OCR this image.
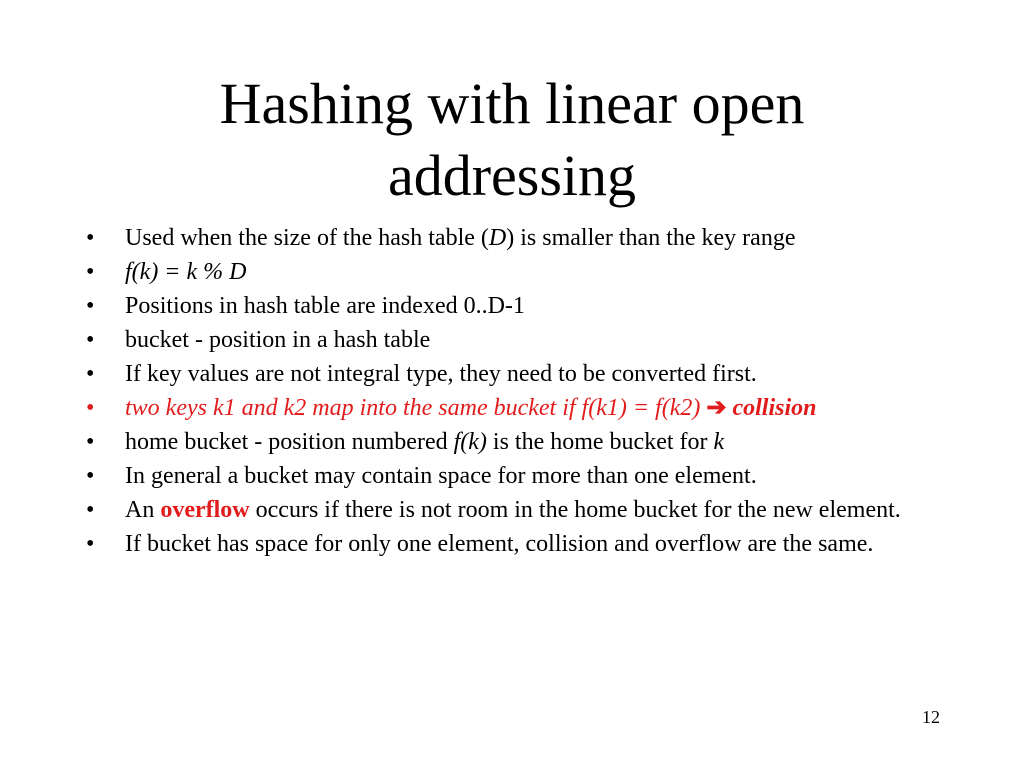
Hashing with linear open
addressing
•	Used when the size of the hash table (D) is smaller than the key range
•	f(k) = k % D
•	Positions in hash table are indexed 0..D-1
•	bucket - position in a hash table
•	If key values are not integral type, they need to be converted first.
•	two keys k1 and k2 map into the same bucket if f(k1) = f(k2) ➔ collision
•	home bucket - position numbered f(k) is the home bucket for k
•	In general a bucket may contain space for more than one element.
•	An overflow occurs if there is not room in the home bucket for the new element.
•	If bucket has space for only one element, collision and overflow are the same.
12
